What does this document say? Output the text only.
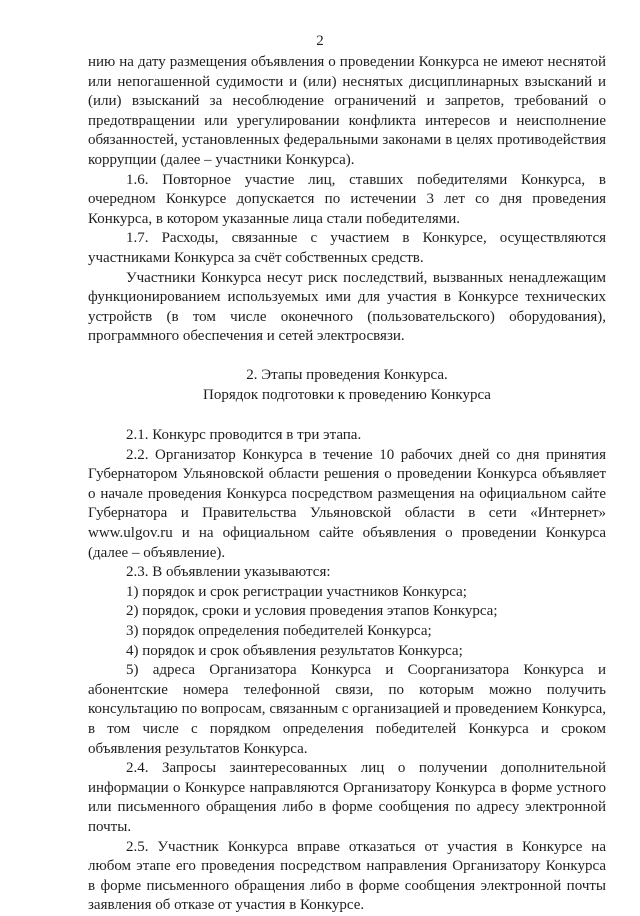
2

нию на дату размещения объявления о проведении Конкурса не имеют неснятой или непогашенной судимости и (или) неснятых дисциплинарных взысканий и (или) взысканий за несоблюдение ограничений и запретов, требований о предотвращении или урегулировании конфликта интересов и неисполнение обязанностей, установленных федеральными законами в целях противодействия коррупции (далее – участники Конкурса).

1.6. Повторное участие лиц, ставших победителями Конкурса, в очередном Конкурсе допускается по истечении 3 лет со дня проведения Конкурса, в котором указанные лица стали победителями.

1.7. Расходы, связанные с участием в Конкурсе, осуществляются участниками Конкурса за счёт собственных средств.

Участники Конкурса несут риск последствий, вызванных ненадлежащим функционированием используемых ими для участия в Конкурсе технических устройств (в том числе оконечного (пользовательского) оборудования), программного обеспечения и сетей электросвязи.

2. Этапы проведения Конкурса.

Порядок подготовки к проведению Конкурса

2.1. Конкурс проводится в три этапа.

2.2. Организатор Конкурса в течение 10 рабочих дней со дня принятия Губернатором Ульяновской области решения о проведении Конкурса объявляет о начале проведения Конкурса посредством размещения на официальном сайте Губернатора и Правительства Ульяновской области в сети «Интернет» www.ulgov.ru и на официальном сайте объявления о проведении Конкурса (далее – объявление).

2.3. В объявлении указываются:

1) порядок и срок регистрации участников Конкурса;

2) порядок, сроки и условия проведения этапов Конкурса;

3) порядок определения победителей Конкурса;

4) порядок и срок объявления результатов Конкурса;

5) адреса Организатора Конкурса и Соорганизатора Конкурса и абонентские номера телефонной связи, по которым можно получить консультацию по вопросам, связанным с организацией и проведением Конкурса, в том числе с порядком определения победителей Конкурса и сроком объявления результатов Конкурса.

2.4. Запросы заинтересованных лиц о получении дополнительной информации о Конкурсе направляются Организатору Конкурса в форме устного или письменного обращения либо в форме сообщения по адресу электронной почты.

2.5. Участник Конкурса вправе отказаться от участия в Конкурсе на любом этапе его проведения посредством направления Организатору Конкурса в форме письменного обращения либо в форме сообщения электронной почты заявления об отказе от участия в Конкурсе.
